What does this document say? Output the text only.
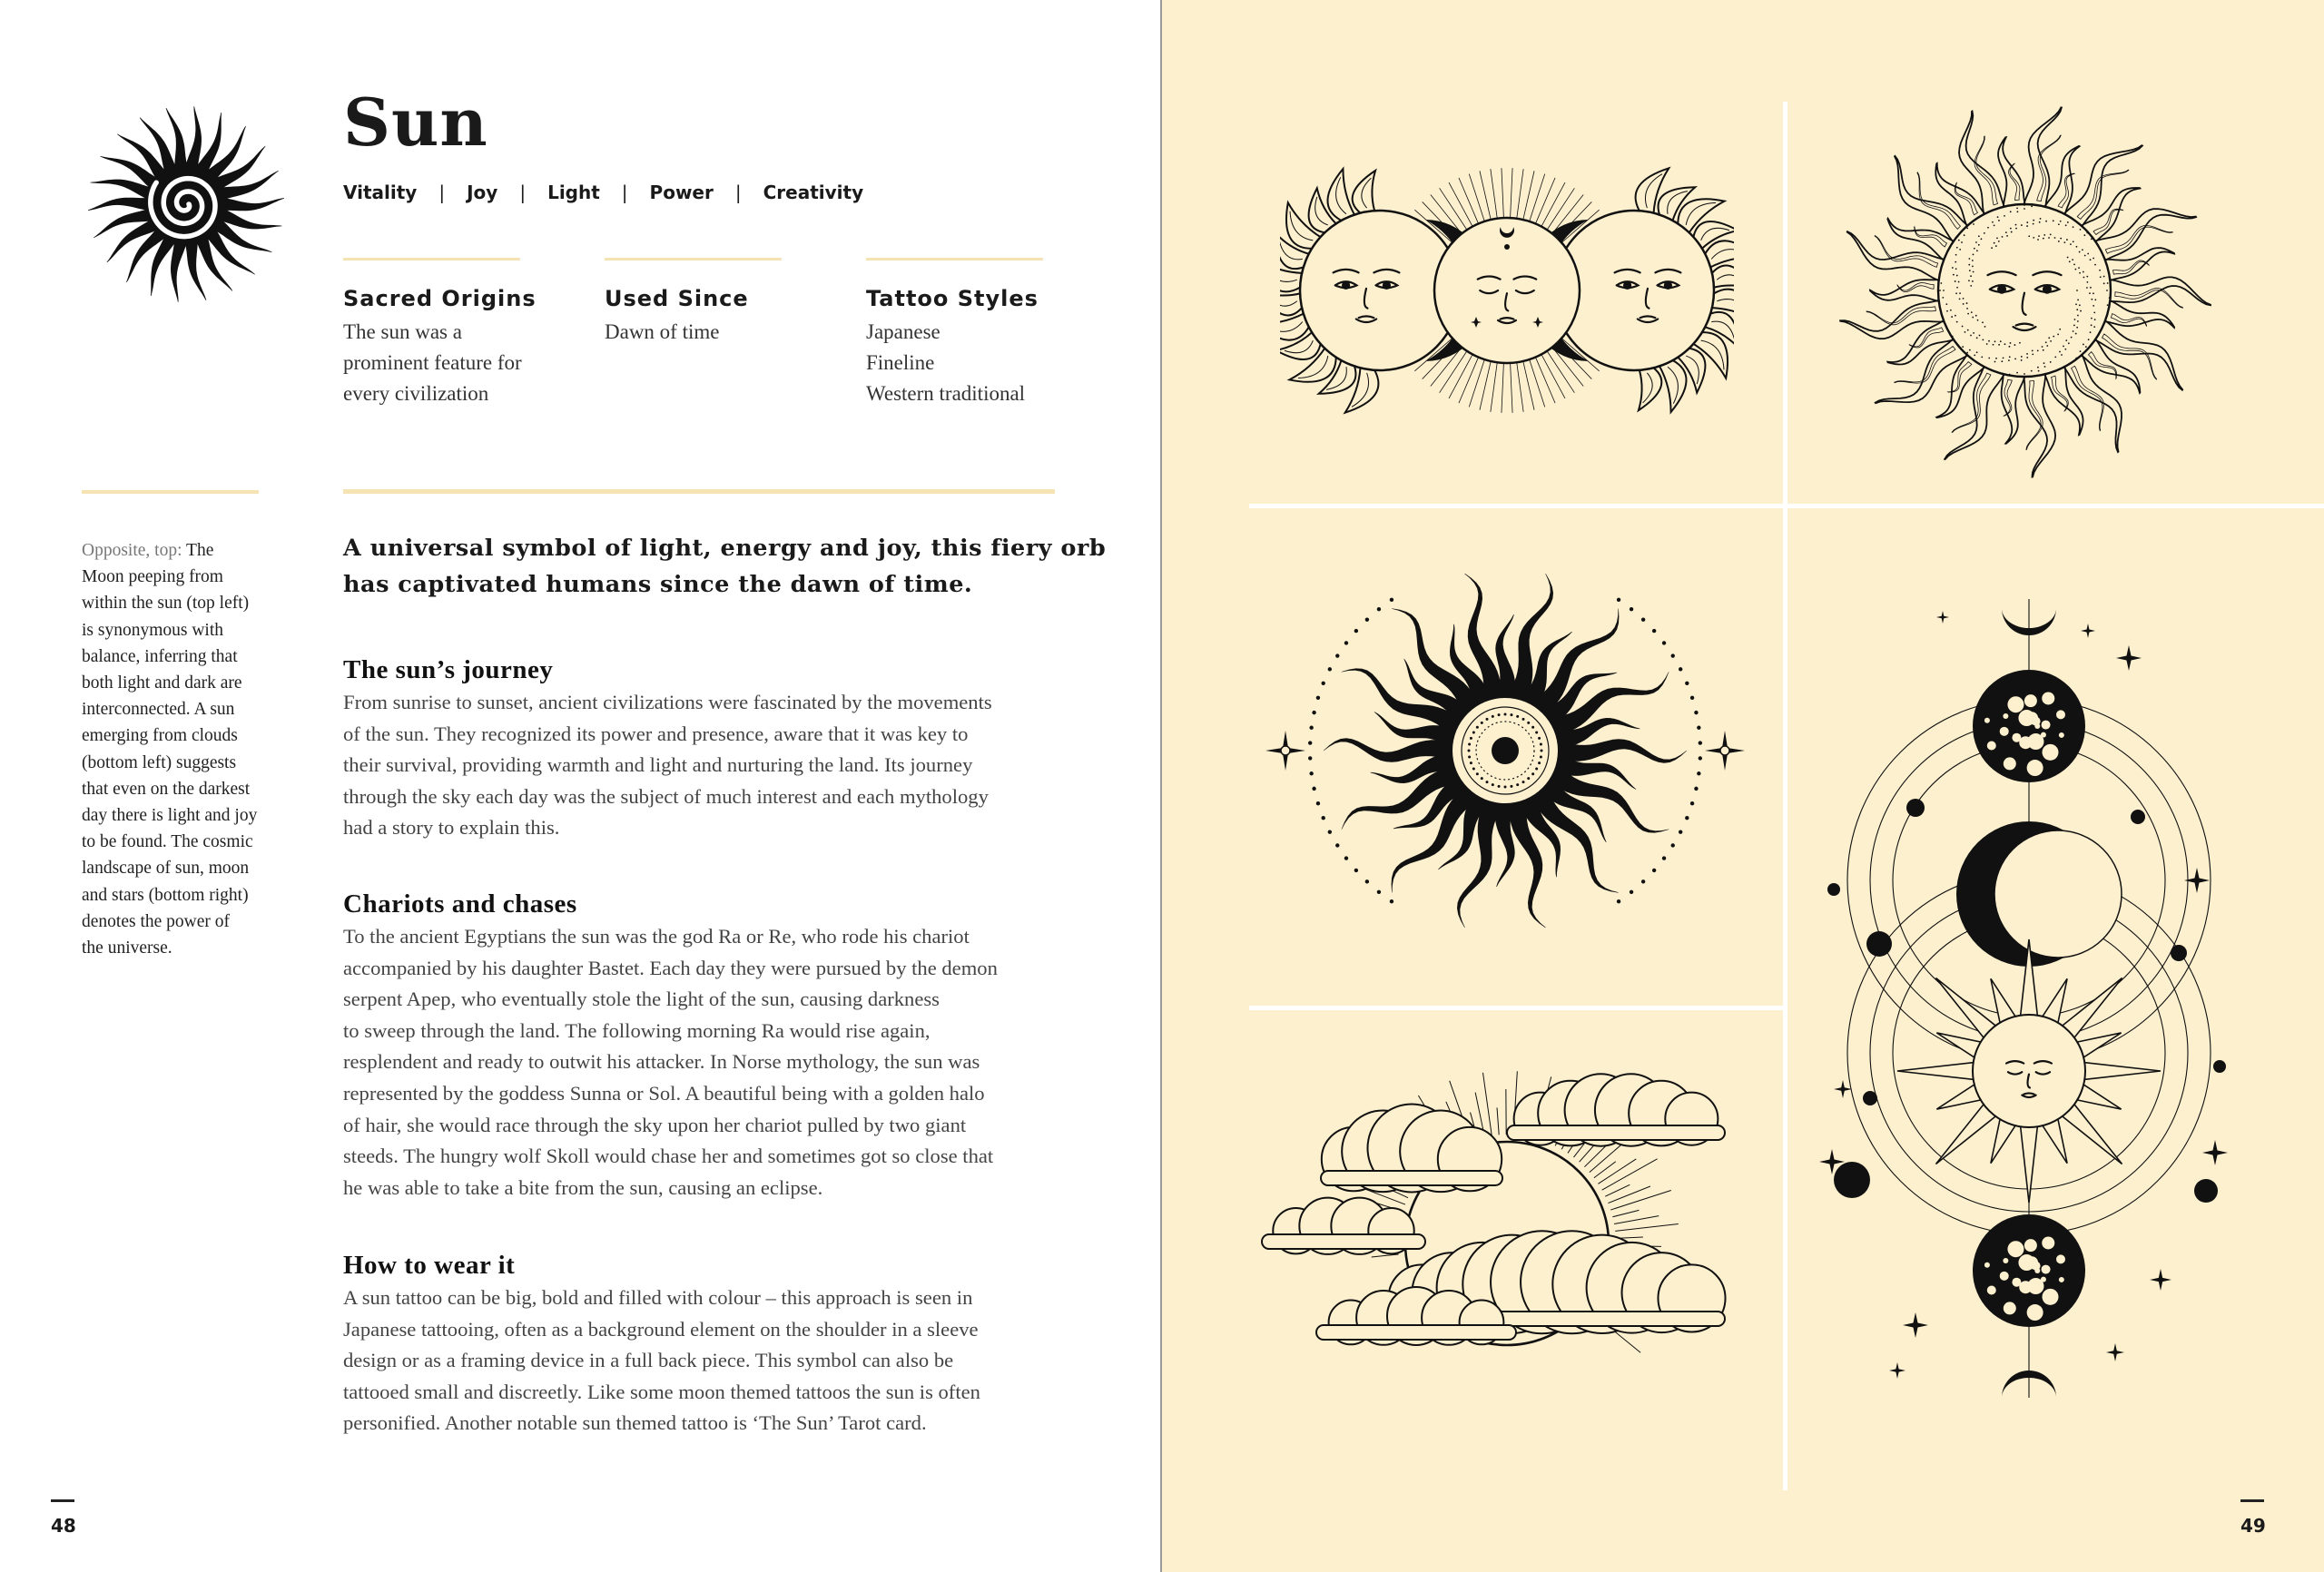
Sun
Vitality | Joy | Light | Power | Creativity
Sacred Origins
The sun was a
prominent feature for
every civilization
Used Since
Dawn of time
Tattoo Styles
Japanese
Fineline
Western traditional
Opposite, top: The
Moon peeping from
within the sun (top left)
is synonymous with
balance, inferring that
both light and dark are
interconnected. A sun
emerging from clouds
(bottom left) suggests
that even on the darkest
day there is light and joy
to be found. The cosmic
landscape of sun, moon
and stars (bottom right)
denotes the power of
the universe.
A universal symbol of light, energy and joy, this fiery orb
has captivated humans since the dawn of time.
The sun’s journey
From sunrise to sunset, ancient civilizations were fascinated by the movements
of the sun. They recognized its power and presence, aware that it was key to
their survival, providing warmth and light and nurturing the land. Its journey
through the sky each day was the subject of much interest and each mythology
had a story to explain this.
Chariots and chases
To the ancient Egyptians the sun was the god Ra or Re, who rode his chariot
accompanied by his daughter Bastet. Each day they were pursued by the demon
serpent Apep, who eventually stole the light of the sun, causing darkness
to sweep through the land. The following morning Ra would rise again,
resplendent and ready to outwit his attacker. In Norse mythology, the sun was
represented by the goddess Sunna or Sol. A beautiful being with a golden halo
of hair, she would race through the sky upon her chariot pulled by two giant
steeds. The hungry wolf Skoll would chase her and sometimes got so close that
he was able to take a bite from the sun, causing an eclipse.
How to wear it
A sun tattoo can be big, bold and filled with colour – this approach is seen in
Japanese tattooing, often as a background element on the shoulder in a sleeve
design or as a framing device in a full back piece. This symbol can also be
tattooed small and discreetly. Like some moon themed tattoos the sun is often
personified. Another notable sun themed tattoo is ‘The Sun’ Tarot card.
48	49
